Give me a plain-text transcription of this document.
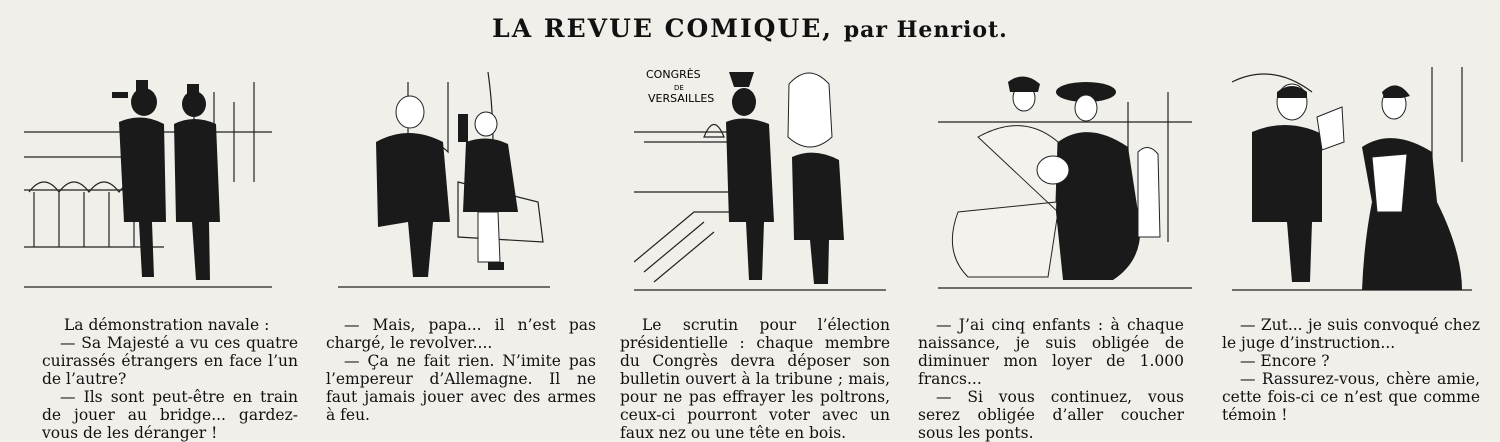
LA REVUE COMIQUE, par Henriot.
CONGRÈS
DE
VERSAILLES

La démonstration navale :

— Sa Majesté a vu ces quatre cuirassés étrangers en face l’un de l’autre?

— Ils sont peut-être en train de jouer au bridge... gardez-vous de les déranger !

— Mais, papa... il n’est pas chargé, le revolver....

— Ça ne fait rien. N’imite pas l’empereur d’Allemagne. Il ne faut jamais jouer avec des armes à feu.

Le scrutin pour l’élection présidentielle : chaque membre du Congrès devra déposer son bulletin ouvert à la tribune ; mais, pour ne pas effrayer les poltrons, ceux-ci pourront voter avec un faux nez ou une tête en bois.

— J’ai cinq enfants : à chaque naissance, je suis obligée de diminuer mon loyer de 1.000 francs...

— Si vous continuez, vous serez obligée d’aller coucher sous les ponts.

— Zut... je suis convoqué chez le juge d’instruction...

— Encore ?

— Rassurez-vous, chère amie, cette fois-ci ce n’est que comme témoin !
